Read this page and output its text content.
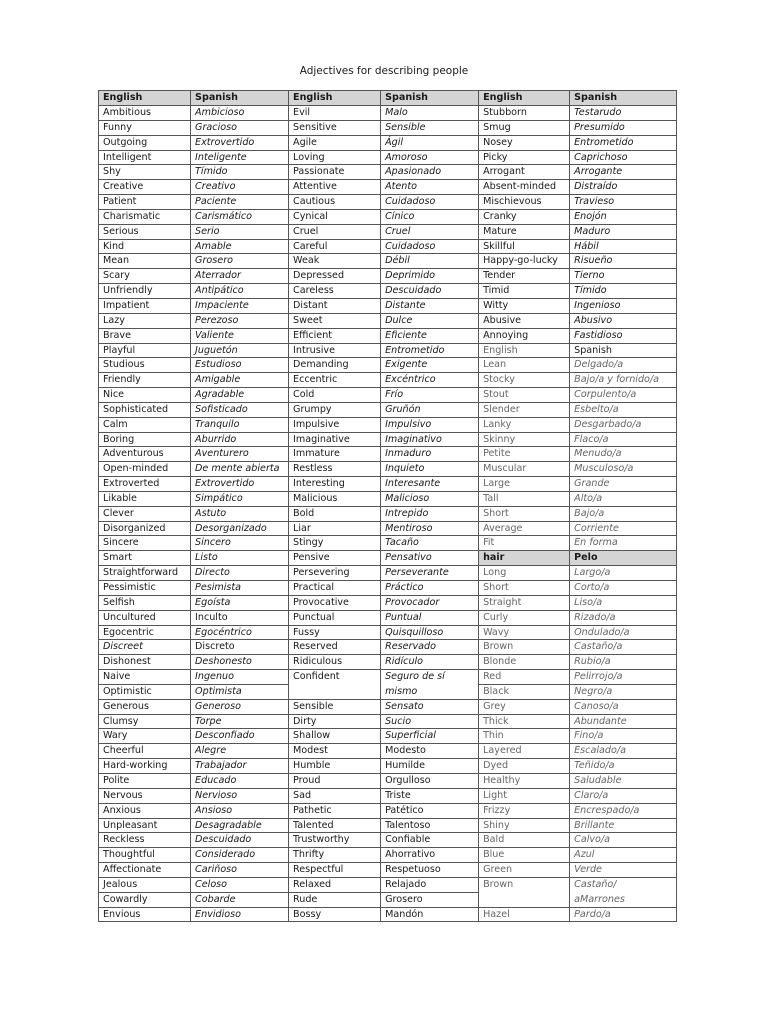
Adjectives for describing people
English
Ambitious
Funny
Outgoing
Intelligent
Shy
Creative
Patient
Charismatic
Serious
Kind
Mean
Scary
Unfriendly
Impatient
Lazy
Brave
Playful
Studious
Friendly
Nice
Sophisticated
Calm
Boring
Adventurous
Open-minded
Extroverted
Likable
Clever
Disorganized
Sincere
Smart
Straightforward
Pessimistic
Selfish
Uncultured
Egocentric
Discreet
Dishonest
Naive
Optimistic
Generous
Clumsy
Wary
Cheerful
Hard-working
Polite
Nervous
Anxious
Unpleasant
Reckless
Thoughtful
Affectionate
Jealous
Cowardly
Envious
Spanish
Ambicioso
Gracioso
Extrovertido
Inteligente
Tímido
Creativo
Paciente
Carismático
Serio
Amable
Grosero
Aterrador
Antipático
Impaciente
Perezoso
Valiente
Juguetón
Estudioso
Amigable
Agradable
Sofisticado
Tranquilo
Aburrido
Aventurero
De mente abierta
Extrovertido
Simpático
Astuto
Desorganizado
Sincero
Listo
Directo
Pesimista
Egoísta
Inculto
Egocéntrico
Discreto
Deshonesto
Ingenuo
Optimista
Generoso
Torpe
Desconfiado
Alegre
Trabajador
Educado
Nervioso
Ansioso
Desagradable
Descuidado
Considerado
Cariñoso
Celoso
Cobarde
Envidioso
English
Evil
Sensitive
Agile
Loving
Passionate
Attentive
Cautious
Cynical
Cruel
Careful
Weak
Depressed
Careless
Distant
Sweet
Efficient
Intrusive
Demanding
Eccentric
Cold
Grumpy
Impulsive
Imaginative
Immature
Restless
Interesting
Malicious
Bold
Liar
Stingy
Pensive
Persevering
Practical
Provocative
Punctual
Fussy
Reserved
Ridiculous
Confident
Sensible
Dirty
Shallow
Modest
Humble
Proud
Sad
Pathetic
Talented
Trustworthy
Thrifty
Respectful
Relaxed
Rude
Bossy
Spanish
Malo
Sensible
Ágil
Amoroso
Apasionado
Atento
Cuidadoso
Cínico
Cruel
Cuidadoso
Débil
Deprimido
Descuidado
Distante
Dulce
Eficiente
Entrometido
Exigente
Excéntrico
Frío
Gruñón
Impulsivo
Imaginativo
Inmaduro
Inquieto
Interesante
Malicioso
Intrepido
Mentiroso
Tacaño
Pensativo
Perseverante
Práctico
Provocador
Puntual
Quisquilloso
Reservado
Ridículo
Seguro de sí
mismo
Sensato
Sucio
Superficial
Modesto
Humilde
Orgulloso
Triste
Patético
Talentoso
Confiable
Ahorrativo
Respetuoso
Relajado
Grosero
Mandón
English
Stubborn
Smug
Nosey
Picky
Arrogant
Absent-minded
Mischievous
Cranky
Mature
Skillful
Happy-go-lucky
Tender
Timid
Witty
Abusive
Annoying
English
Lean
Stocky
Stout
Slender
Lanky
Skinny
Petite
Muscular
Large
Tall
Short
Average
Fit
hair
Long
Short
Straight
Curly
Wavy
Brown
Blonde
Red
Black
Grey
Thick
Thin
Layered
Dyed
Healthy
Light
Frizzy
Shiny
Bald
Blue
Green
Brown
Hazel
Spanish
Testarudo
Presumido
Entrometido
Caprichoso
Arrogante
Distraído
Travieso
Enojón
Maduro
Hábil
Risueño
Tierno
Tímido
Ingenioso
Abusivo
Fastidioso
Spanish
Delgado/a
Bajo/a y fornido/a
Corpulento/a
Esbelto/a
Desgarbado/a
Flaco/a
Menudo/a
Musculoso/a
Grande
Alto/a
Bajo/a
Corriente
En forma
Pelo
Largo/a
Corto/a
Liso/a
Rizado/a
Ondulado/a
Castaño/a
Rubio/a
Pelirrojo/a
Negro/a
Canoso/a
Abundante
Fino/a
Escalado/a
Teñido/a
Saludable
Claro/a
Encrespado/a
Brillante
Calvo/a
Azul
Verde
Castaño/
aMarrones
Pardo/a
